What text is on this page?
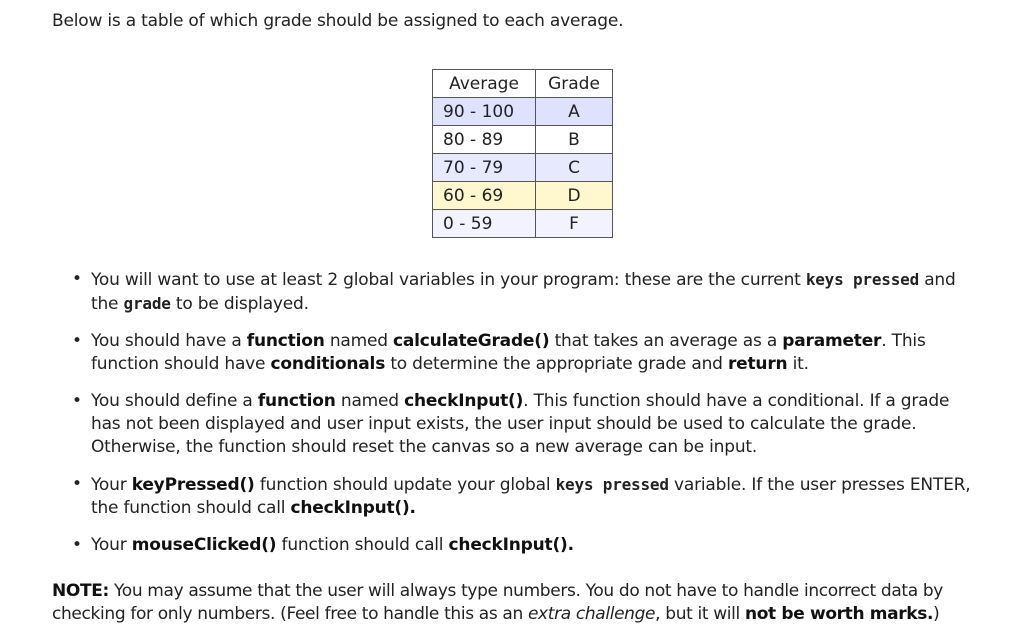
Below is a table of which grade should be assigned to each average.
Average	Grade
90 - 100	A
80 - 89	B
70 - 79	C
60 - 69	D
0 - 59	F
• You will want to use at least 2 global variables in your program: these are the current keys pressed and the grade to be displayed.
• You should have a function named calculateGrade() that takes an average as a parameter. This function should have conditionals to determine the appropriate grade and return it.
• You should define a function named checkInput(). This function should have a conditional. If a grade has not been displayed and user input exists, the user input should be used to calculate the grade. Otherwise, the function should reset the canvas so a new average can be input.
• Your keyPressed() function should update your global keys pressed variable. If the user presses ENTER, the function should call checkInput().
• Your mouseClicked() function should call checkInput().
NOTE: You may assume that the user will always type numbers. You do not have to handle incorrect data by checking for only numbers. (Feel free to handle this as an extra challenge, but it will not be worth marks.)
